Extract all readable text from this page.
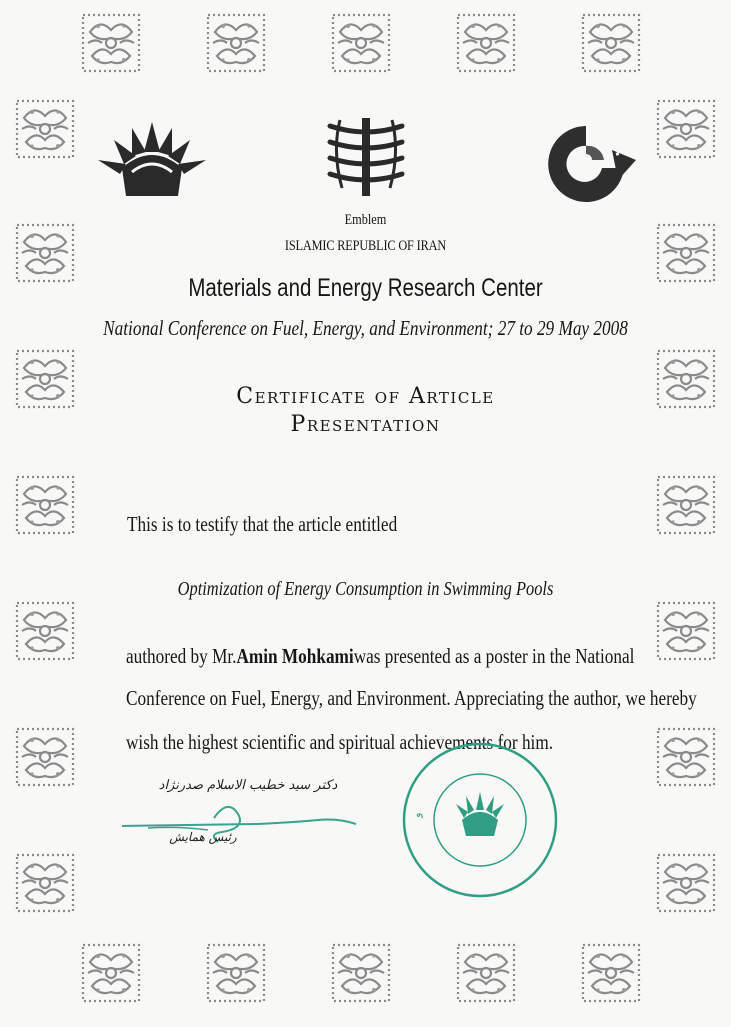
Emblem
ISLAMIC REPUBLIC OF IRAN
Materials and Energy Research Center
National Conference on Fuel, Energy, and Environment; 27 to 29 May 2008
Certificate of Article
Presentation
This is to testify that the article entitled
Optimization of Energy Consumption in Swimming Pools
authored by Mr. Amin Mohkami was presented as a poster in the National
Conference on Fuel, Energy, and Environment. Appreciating the author, we hereby
wish the highest scientific and spiritual achievements for him.
دکتر سید خطیب الاسلام صدرنژاد
رئیس همایش
و
